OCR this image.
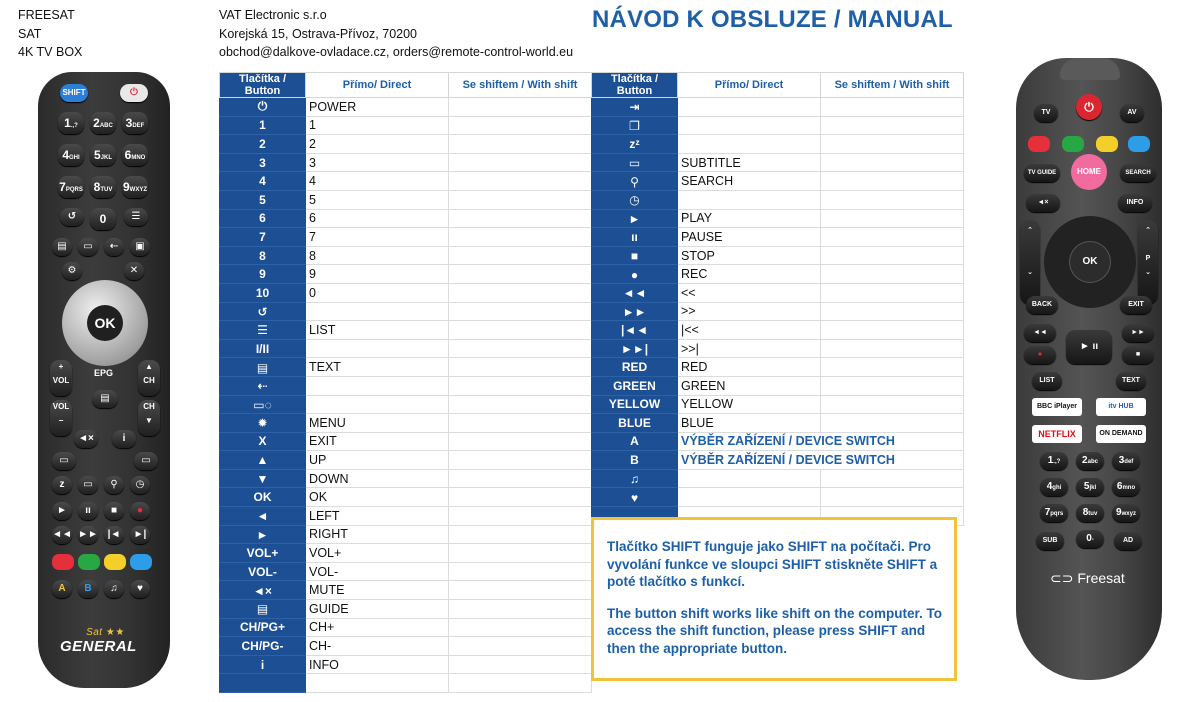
FREESAT
SAT
4K TV BOX
VAT Electronic s.r.o
Korejská 15, Ostrava-Přívoz, 70200
obchod@dalkove-ovladace.cz, orders@remote-control-world.eu
NÁVOD K OBSLUZE / MANUAL
Tlačítka / Button	Přímo/ Direct	Se shiftem / With shift
⏻	POWER	
1	1	
2	2	
3	3	
4	4	
5	5	
6	6	
7	7	
8	8	
9	9	
10	0	
↺		
☰	LIST	
I/II		
▤	TEXT	
⇠		
▭◌		
✹	MENU	
X	EXIT	
▲	UP	
▼	DOWN	
OK	OK	
◄	LEFT	
►	RIGHT	
VOL+	VOL+	
VOL-	VOL-	
◄×	MUTE	
▤	GUIDE	
CH/PG+	CH+	
CH/PG-	CH-	
i	INFO	

Tlačítka / Button	Přímo/ Direct	Se shiftem / With shift
⇥		
❐		
zᶻ		
▭	SUBTITLE	
⚲	SEARCH	
◷		
►	PLAY	
ıı	PAUSE	
■	STOP	
●	REC	
◄◄	<<	
►►	>>	
|◄◄	|<<	
►►|	>>|	
RED	RED	
GREEN	GREEN	
YELLOW	YELLOW	
BLUE	BLUE	
A	VÝBĚR ZAŘÍZENÍ / DEVICE SWITCH	
B	VÝBĚR ZAŘÍZENÍ / DEVICE SWITCH	
♫		
♥		

Tlačítko SHIFT funguje jako SHIFT na počítači. Pro vyvolání funkce ve sloupci SHIFT stiskněte SHIFT a poté tlačítko s funkcí.

The button shift works like shift on the computer. To access the shift function, please press SHIFT and then the appropriate button.

SHIFT	⏻
1.,?	2ABC	3DEF
4GHI	5JKL	6MNO
7PQRS 8TUV 9WXYZ
0
↺	☰
▤	▭	⇠	▣
⚙	✕
OK
+
VOL
▲
CH
EPG
▤
VOL
−
CH
▼
◄×	i
▭	▭
z	▭	⚲	◷
►	ıı	■	●
◄◄ ►► |◄	►|
A	B	♫	♥
Sat ★★
GENERAL
TV	⏻	AV
TV GUIDE	HOME	SEARCH
◄×	INFO
⌃

⌄
⌃

P
⌄
OK
BACK	EXIT
◄◄
► ıı
►►
●	■
LIST	TEXT
BBC iPlayer	itv HUB
NETFLIX	ON DEMAND
1.,?	2abc	3def
4ghi	5jkl	6mno
7pqrs	8tuv	9wxyz
0-
SUB	AD
⊂⊃ Freesat
